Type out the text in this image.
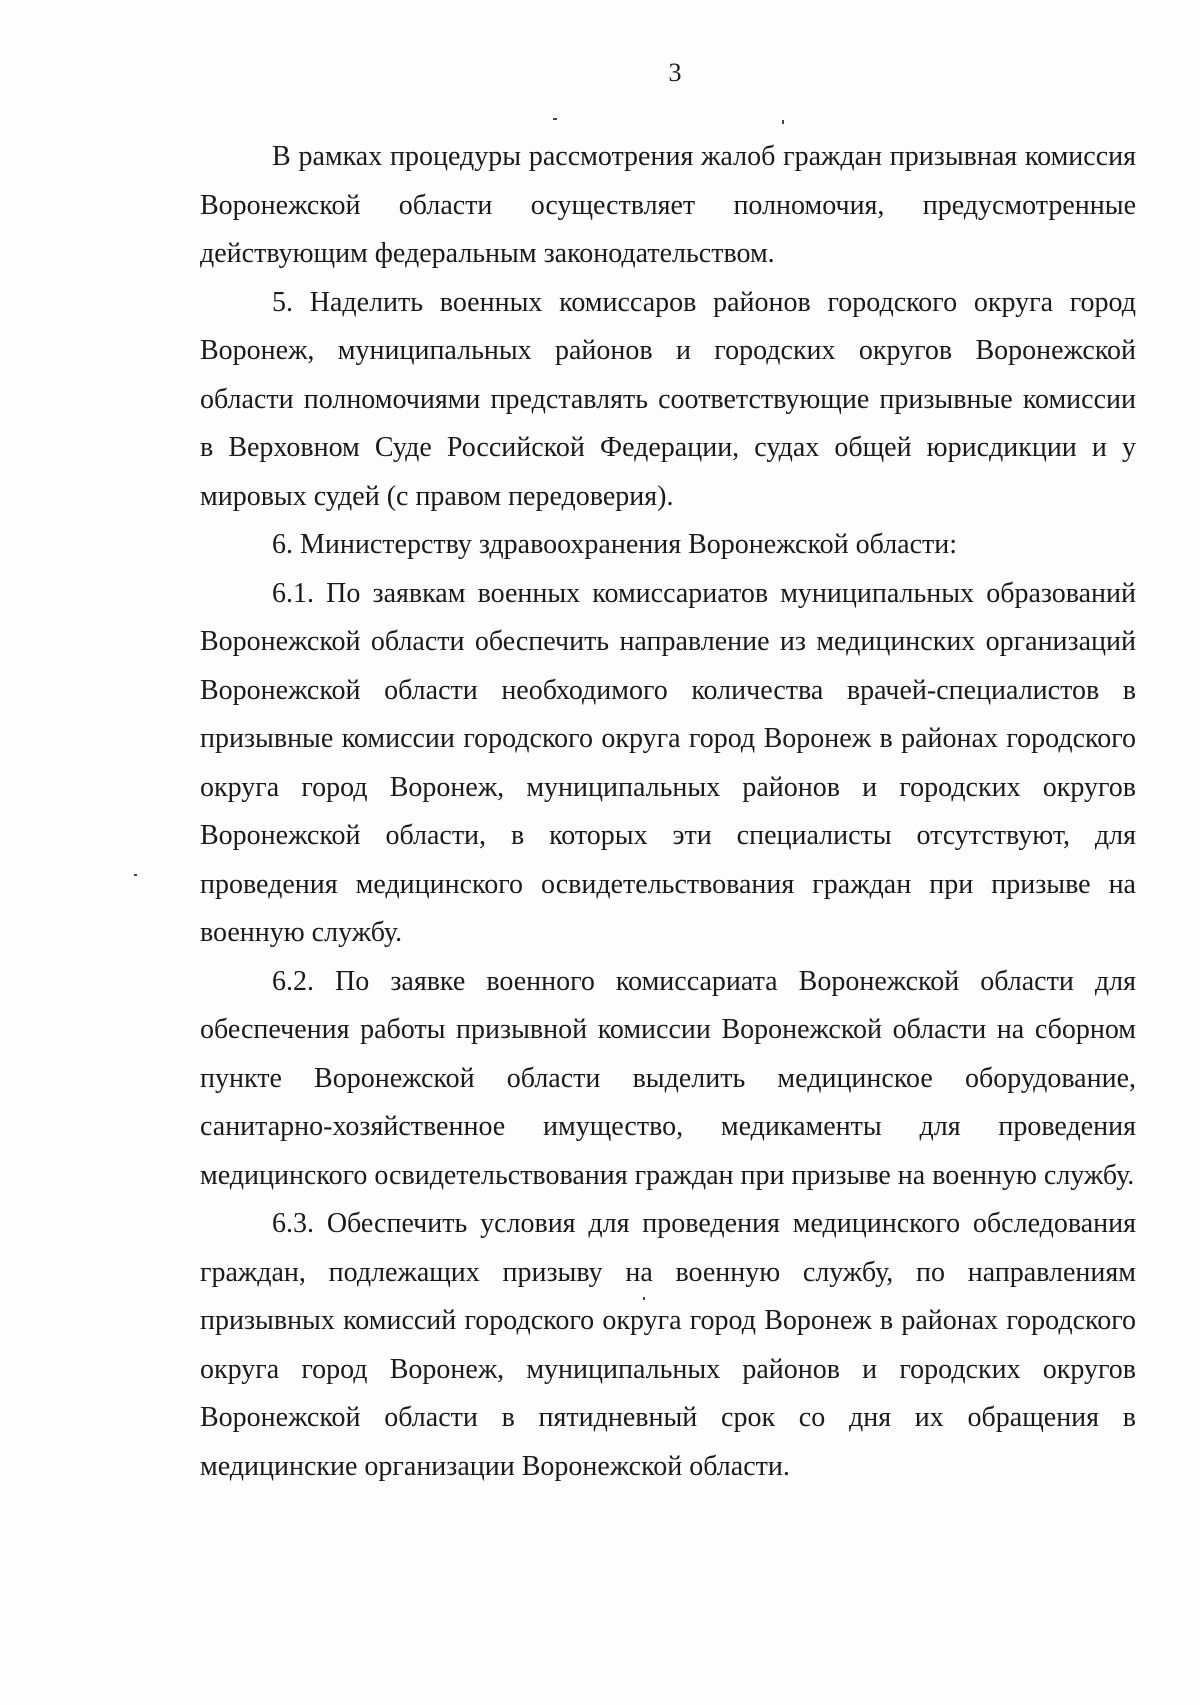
3

В рамках процедуры рассмотрения жалоб граждан призывная комиссия Воронежской области осуществляет полномочия, предусмотренные действующим федеральным законодательством.

5. Наделить военных комиссаров районов городского округа город Воронеж, муниципальных районов и городских округов Воронежской области полномочиями представлять соответствующие призывные комиссии в Верховном Суде Российской Федерации, судах общей юрисдикции и у мировых судей (с правом передоверия).

6. Министерству здравоохранения Воронежской области:

6.1. По заявкам военных комиссариатов муниципальных образований Воронежской области обеспечить направление из медицинских организаций Воронежской области необходимого количества врачей-специалистов в призывные комиссии городского округа город Воронеж в районах городского округа город Воронеж, муниципальных районов и городских округов Воронежской области, в которых эти специалисты отсутствуют, для проведения медицинского освидетельствования граждан при призыве на военную службу.

6.2. По заявке военного комиссариата Воронежской области для обеспечения работы призывной комиссии Воронежской области на сборном пункте Воронежской области выделить медицинское оборудование, санитарно-хозяйственное имущество, медикаменты для проведения медицинского освидетельствования граждан при призыве на военную службу.

6.3. Обеспечить условия для проведения медицинского обследования граждан, подлежащих призыву на военную службу, по направлениям призывных комиссий городского округа город Воронеж в районах городского округа город Воронеж, муниципальных районов и городских округов Воронежской области в пятидневный срок со дня их обращения в медицинские организации Воронежской области.
